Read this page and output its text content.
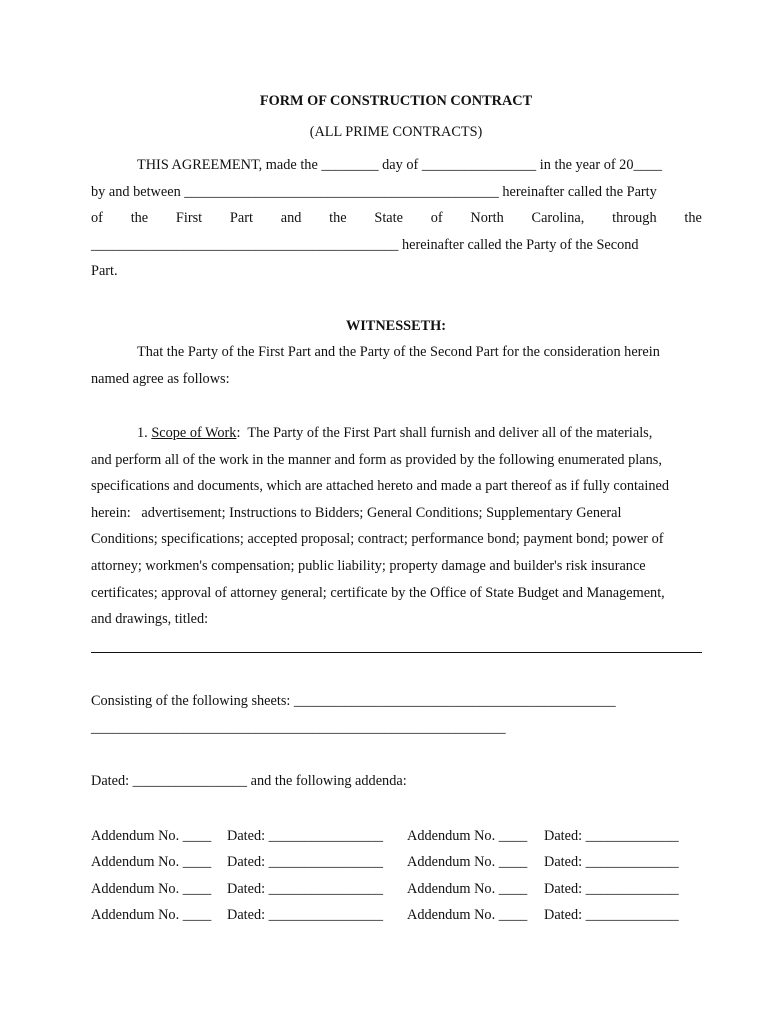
FORM OF CONSTRUCTION CONTRACT
(ALL PRIME CONTRACTS)
THIS AGREEMENT, made the ________ day of ________________ in the year of 20____
by and between ____________________________________________ hereinafter called the Party
of the First Part and the State of North Carolina, through the
___________________________________________ hereinafter called the Party of the Second
Part.
WITNESSETH:
That the Party of the First Part and the Party of the Second Part for the consideration herein
named agree as follows:
1. Scope of Work:  The Party of the First Part shall furnish and deliver all of the materials,
and perform all of the work in the manner and form as provided by the following enumerated plans,
specifications and documents, which are attached hereto and made a part thereof as if fully contained
herein:   advertisement; Instructions to Bidders; General Conditions; Supplementary General
Conditions; specifications; accepted proposal; contract; performance bond; payment bond; power of
attorney; workmen's compensation; public liability; property damage and builder's risk insurance
certificates; approval of attorney general; certificate by the Office of State Budget and Management,
and drawings, titled:
Consisting of the following sheets: _____________________________________________
__________________________________________________________
Dated: ________________ and the following addenda:
Addendum No. ____ Dated: ________________ Addendum No. ____ Dated: _____________
Addendum No. ____ Dated: ________________ Addendum No. ____ Dated: _____________
Addendum No. ____ Dated: ________________ Addendum No. ____ Dated: _____________
Addendum No. ____ Dated: ________________ Addendum No. ____ Dated: _____________
